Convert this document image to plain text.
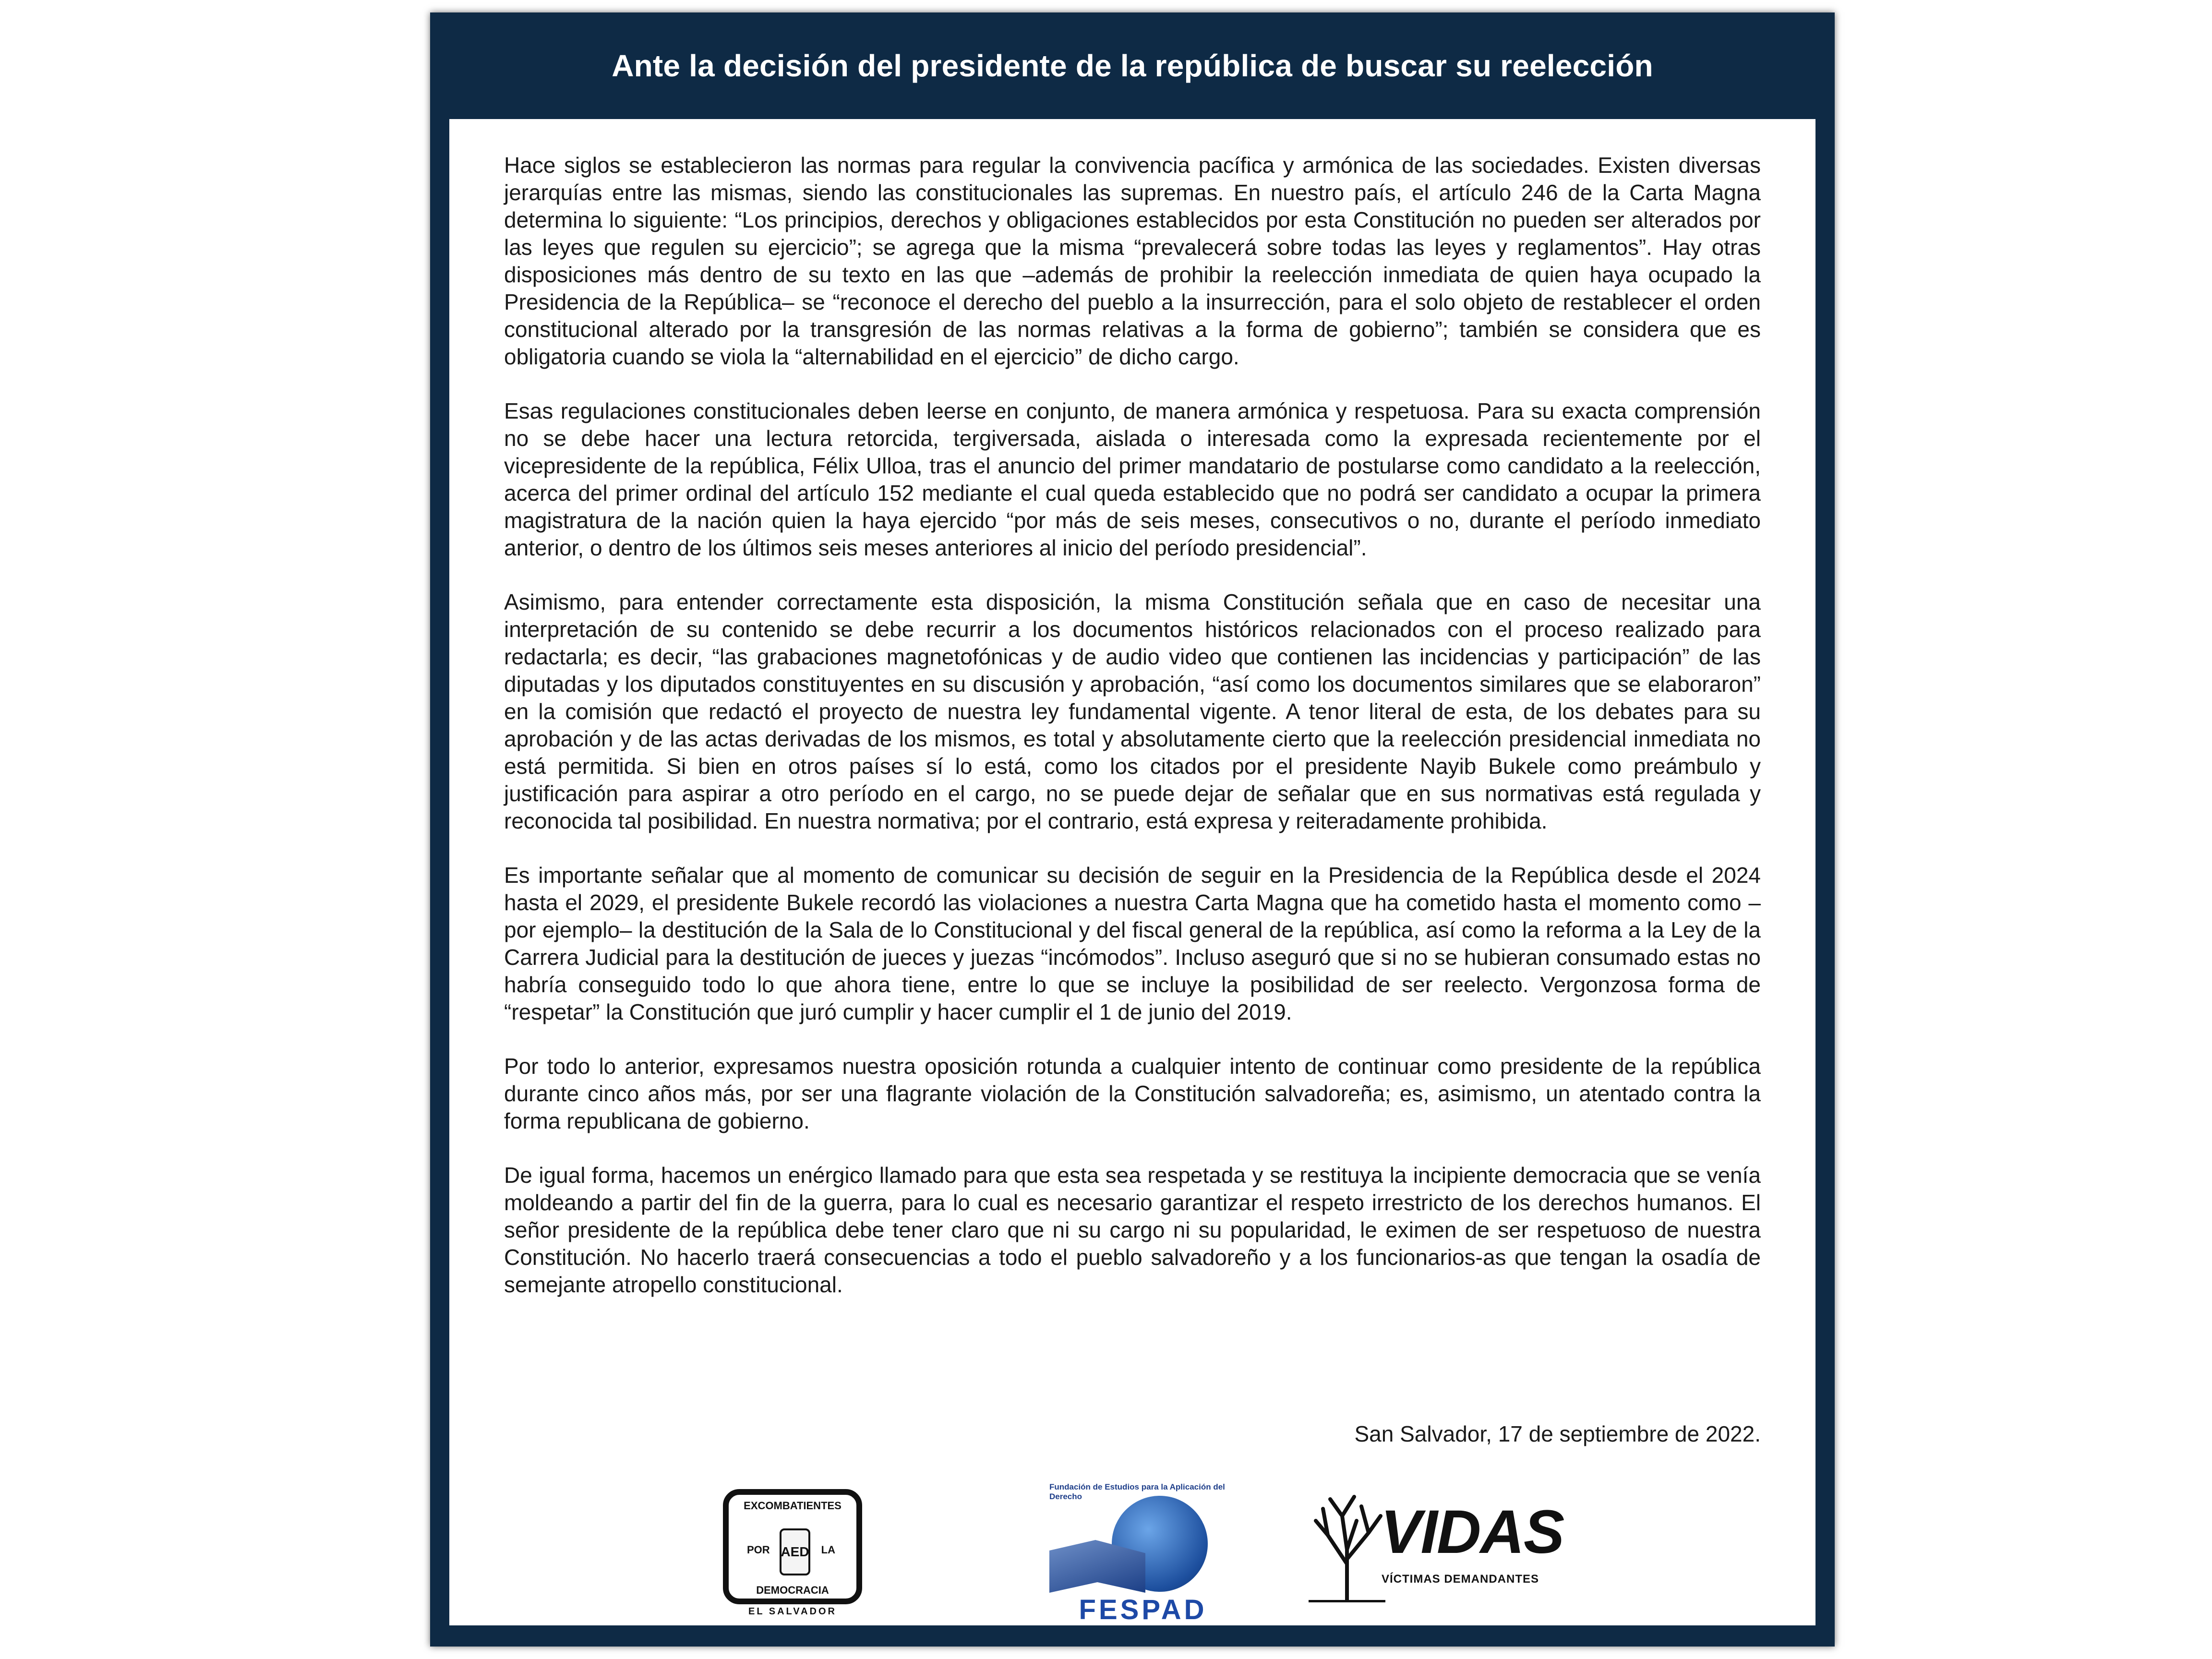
Ante la decisión del presidente de la república de buscar su reelección

Hace siglos se establecieron las normas para regular la convivencia pacífica y armónica de las sociedades. Existen diversas jerarquías entre las mismas, siendo las constitucionales las supremas. En nuestro país, el artículo 246 de la Carta Magna determina lo siguiente: “Los principios, derechos y obligaciones establecidos por esta Constitución no pueden ser alterados por las leyes que regulen su ejercicio”; se agrega que la misma “prevalecerá sobre todas las leyes y reglamentos”. Hay otras disposiciones más dentro de su texto en las que –además de prohibir la reelección inmediata de quien haya ocupado la Presidencia de la República– se “reconoce el derecho del pueblo a la insurrección, para el solo objeto de restablecer el orden constitucional alterado por la transgresión de las normas relativas a la forma de gobierno”; también se considera que es obligatoria cuando se viola la “alternabilidad en el ejercicio” de dicho cargo.

Esas regulaciones constitucionales deben leerse en conjunto, de manera armónica y respetuosa. Para su exacta comprensión no se debe hacer una lectura retorcida, tergiversada, aislada o interesada como la expresada recientemente por el vicepresidente de la república, Félix Ulloa, tras el anuncio del primer mandatario de postularse como candidato a la reelección, acerca del primer ordinal del artículo 152 mediante el cual queda establecido que no podrá ser candidato a ocupar la primera magistratura de la nación quien la haya ejercido “por más de seis meses, consecutivos o no, durante el período inmediato anterior, o dentro de los últimos seis meses anteriores al inicio del período presidencial”.

Asimismo, para entender correctamente esta disposición, la misma Constitución señala que en caso de necesitar una interpretación de su contenido se debe recurrir a los documentos históricos relacionados con el proceso realizado para redactarla; es decir, “las grabaciones magnetofónicas y de audio video que contienen las incidencias y participación” de las diputadas y los diputados constituyentes en su discusión y aprobación, “así como los documentos similares que se elaboraron” en la comisión que redactó el proyecto de nuestra ley fundamental vigente. A tenor literal de esta, de los debates para su aprobación y de las actas derivadas de los mismos, es total y absolutamente cierto que la reelección presidencial inmediata no está permitida. Si bien en otros países sí lo está, como los citados por el presidente Nayib Bukele como preámbulo y justificación para aspirar a otro período en el cargo, no se puede dejar de señalar que en sus normativas está regulada y reconocida tal posibilidad. En nuestra normativa; por el contrario, está expresa y reiteradamente prohibida.

Es importante señalar que al momento de comunicar su decisión de seguir en la Presidencia de la República desde el 2024 hasta el 2029, el presidente Bukele recordó las violaciones a nuestra Carta Magna que ha cometido hasta el momento como –por ejemplo– la destitución de la Sala de lo Constitucional y del fiscal general de la república, así como la reforma a la Ley de la Carrera Judicial para la destitución de jueces y juezas “incómodos”. Incluso aseguró que si no se hubieran consumado estas no habría conseguido todo lo que ahora tiene, entre lo que se incluye la posibilidad de ser reelecto. Vergonzosa forma de “respetar” la Constitución que juró cumplir y hacer cumplir el 1 de junio del 2019.

Por todo lo anterior, expresamos nuestra oposición rotunda a cualquier intento de continuar como presidente de la república durante cinco años más, por ser una flagrante violación de la Constitución salvadoreña; es, asimismo, un atentado contra la forma republicana de gobierno.

De igual forma, hacemos un enérgico llamado para que esta sea respetada y se restituya la incipiente democracia que se venía moldeando a partir del fin de la guerra, para lo cual es necesario garantizar el respeto irrestricto de los derechos humanos. El señor presidente de la república debe tener claro que ni su cargo ni su popularidad, le eximen de ser respetuoso de nuestra Constitución. No hacerlo traerá consecuencias a todo el pueblo salvadoreño y a los funcionarios-as que tengan la osadía de semejante atropello constitucional.

San Salvador, 17 de septiembre de 2022.
EXCOMBATIENTES
POR AED LA
DEMOCRACIA
EL SALVADOR
Fundación de Estudios para la Aplicación del Derecho
FESPAD
VIDAS
VÍCTIMAS DEMANDANTES
